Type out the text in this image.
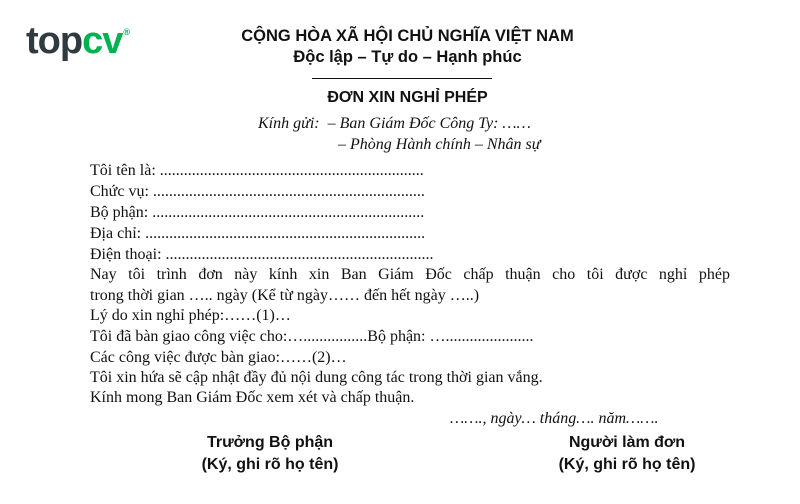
topcv®	CỘNG HÒA XÃ HỘI CHỦ NGHĨA VIỆT NAM
Độc lập – Tự do – Hạnh phúc
ĐƠN XIN NGHỈ PHÉP
Kính gửi:  – Ban Giám Đốc Công Ty: ……
– Phòng Hành chính – Nhân sự
Tôi tên là: ..................................................................
Chức vụ: ....................................................................
Bộ phận: ....................................................................
Địa chỉ: ......................................................................
Điện thoại: ...................................................................
Nay tôi trình đơn này kính xin Ban Giám Đốc chấp thuận cho tôi được nghỉ phép
trong thời gian ….. ngày (Kể từ ngày…… đến hết ngày …..)
Lý do xin nghỉ phép:……(1)…
Tôi đã bàn giao công việc cho:…................Bộ phận: …......................
Các công việc được bàn giao:……(2)…
Tôi xin hứa sẽ cập nhật đầy đủ nội dung công tác trong thời gian vắng.
Kính mong Ban Giám Đốc xem xét và chấp thuận.
……., ngày… tháng…. năm…….
Trưởng Bộ phận
(Ký, ghi rõ họ tên)
Người làm đơn
(Ký, ghi rõ họ tên)
